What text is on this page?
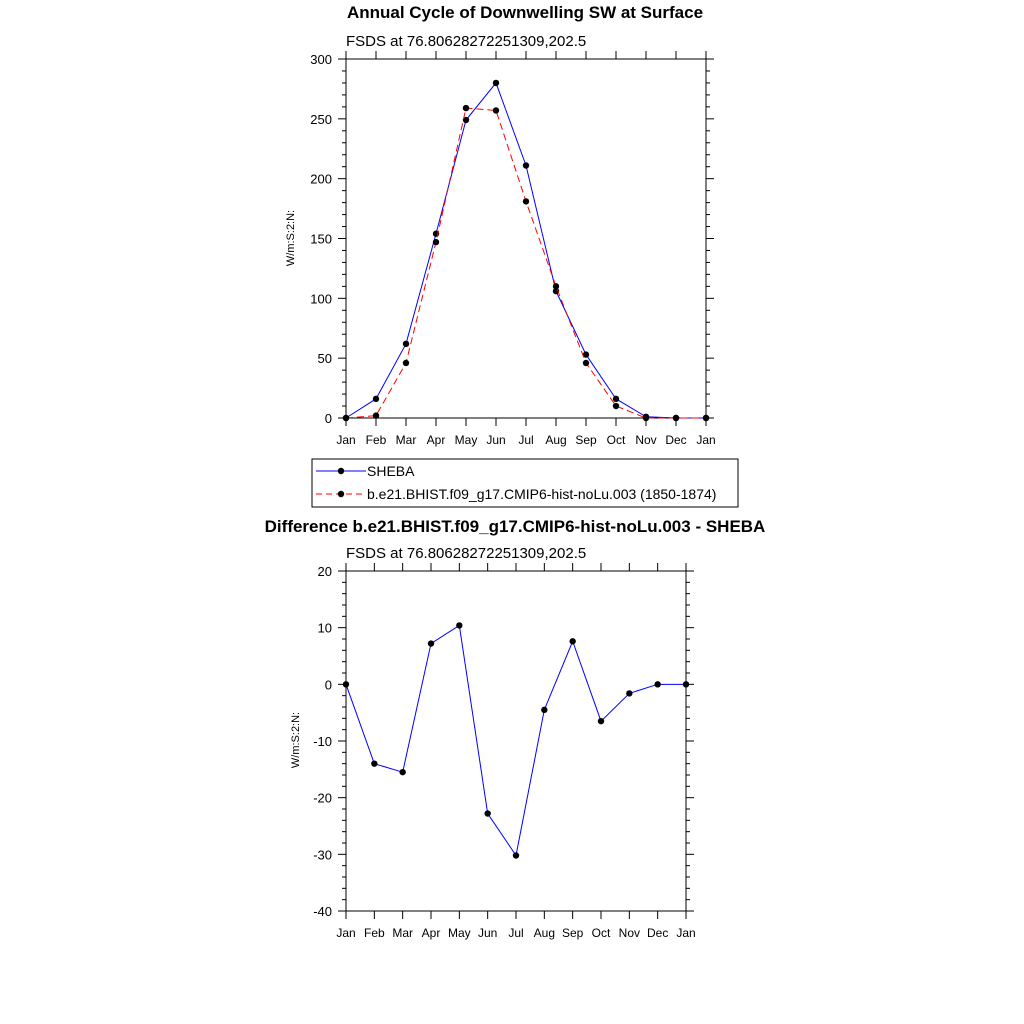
Annual Cycle of Downwelling SW at Surface
FSDS at 76.80628272251309,202.5
W/m:S:2:N:
0
50
100
150
200
250
300
Jan Feb Mar Apr May Jun Jul Aug Sep Oct Nov Dec Jan
SHEBA
b.e21.BHIST.f09_g17.CMIP6-hist-noLu.003 (1850-1874)
Difference b.e21.BHIST.f09_g17.CMIP6-hist-noLu.003 - SHEBA
FSDS at 76.80628272251309,202.5
W/m:S:2:N:
-40
-30
-20
-10
0
10
20
Jan Feb Mar Apr May Jun Jul Aug Sep Oct Nov Dec Jan
